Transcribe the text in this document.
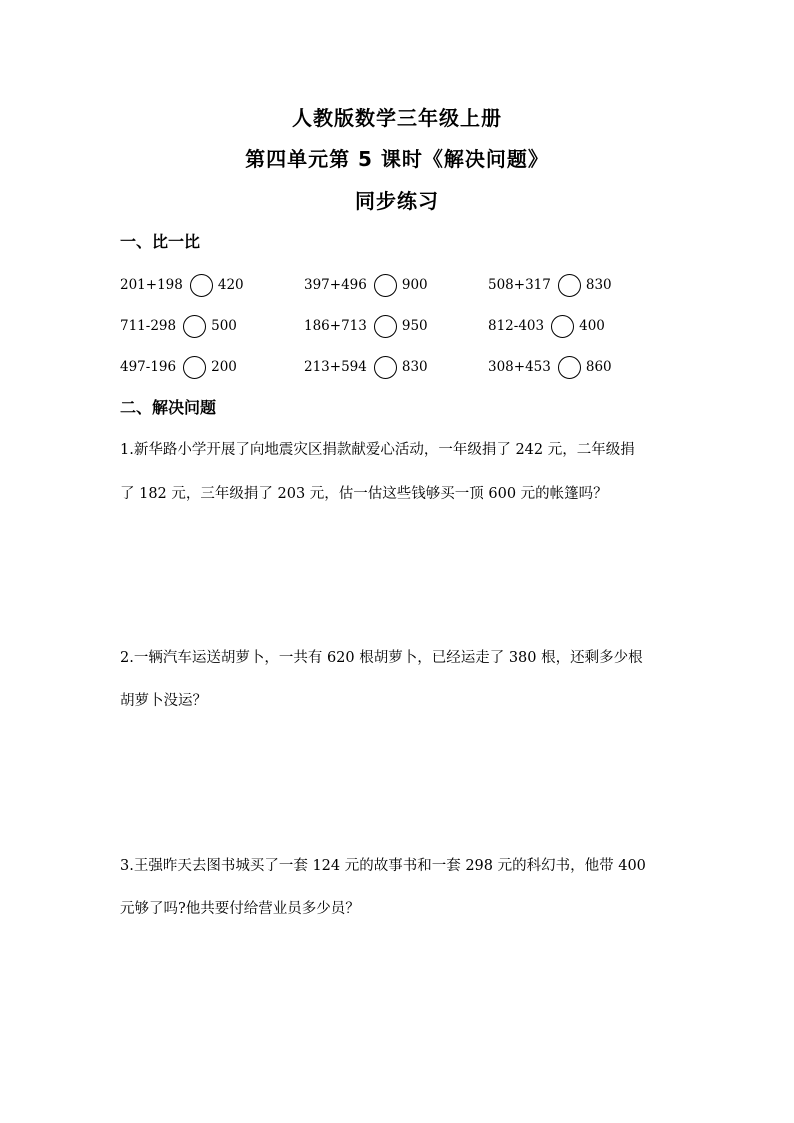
人教版数学三年级上册
第四单元第 5 课时《解决问题》
同步练习
一、比一比
201+198	420	397+496	900	508+317	830
711-298	500	186+713	950	812-403	400
497-196	200	213+594	830	308+453	860
二、解决问题
1.新华路小学开展了向地震灾区捐款献爱心活动，一年级捐了 242 元，二年级捐
了 182 元，三年级捐了 203 元，估一估这些钱够买一顶 600 元的帐篷吗？
2.一辆汽车运送胡萝卜，一共有 620 根胡萝卜，已经运走了 380 根，还剩多少根
胡萝卜没运？
3.王强昨天去图书城买了一套 124 元的故事书和一套 298 元的科幻书，他带 400
元够了吗?他共要付给营业员多少员？
